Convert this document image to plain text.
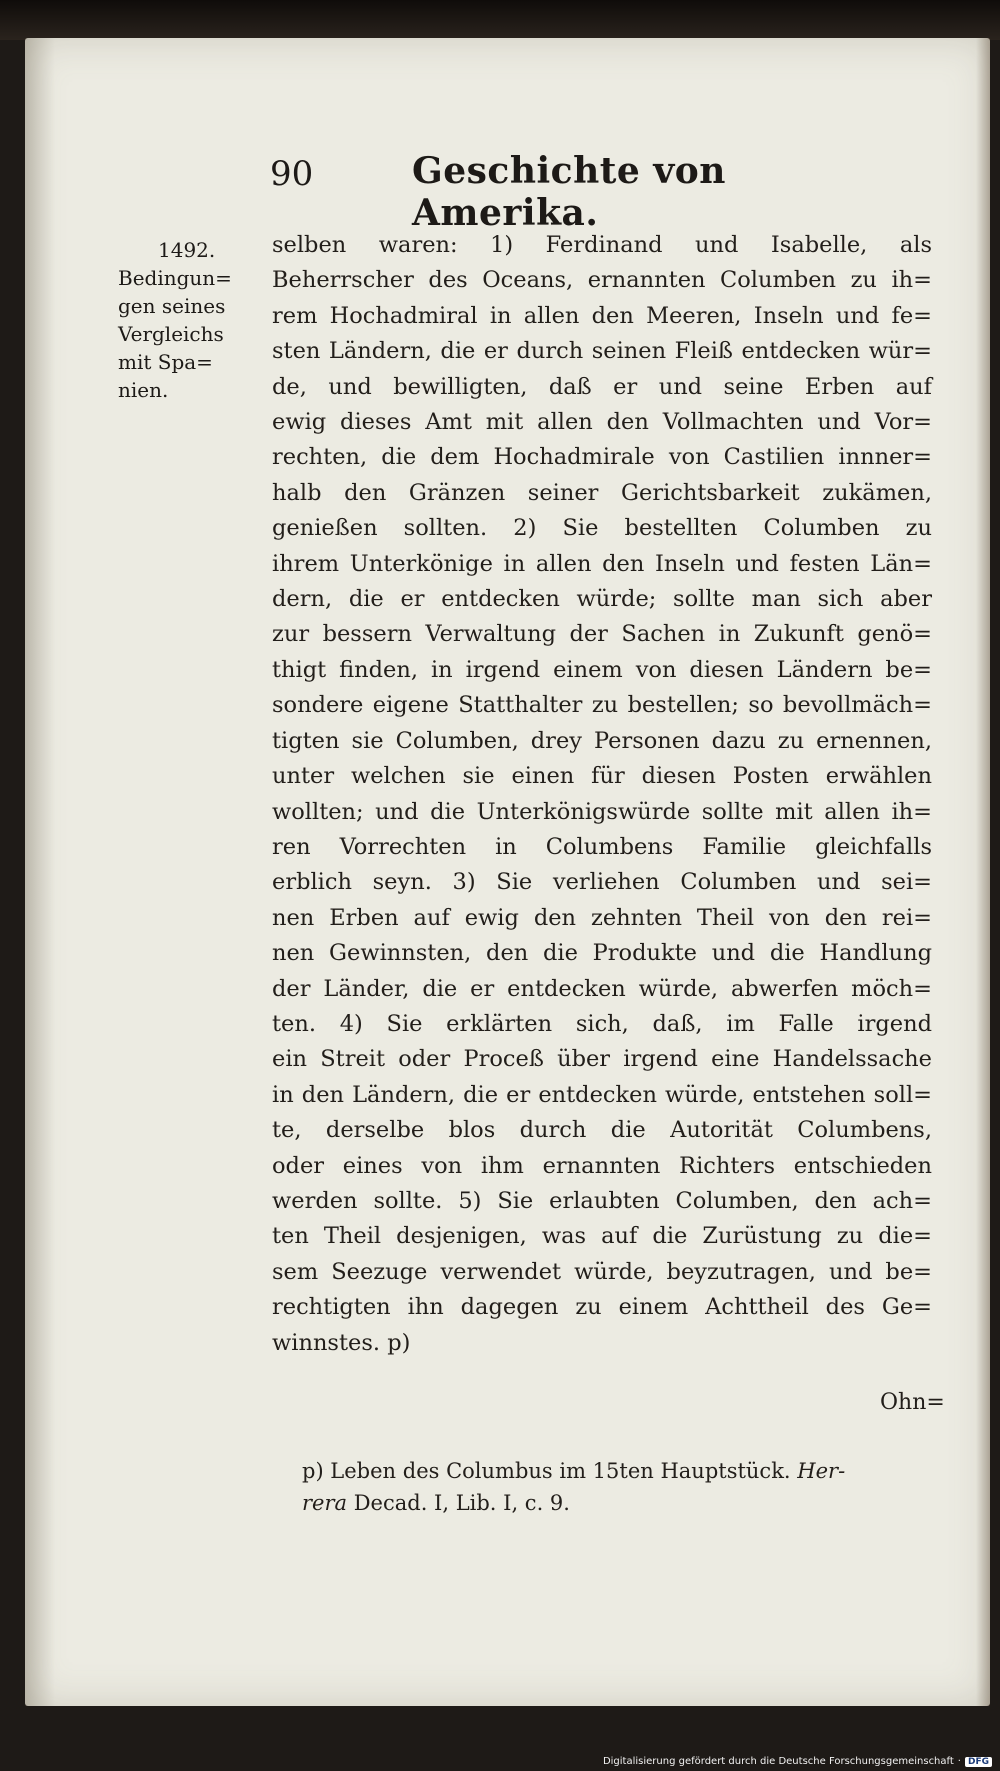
90	Geschichte von Amerika.
1492.
Bedingun=
gen seines
Vergleichs
mit Spa=
nien.
selben waren: 1) Ferdinand und Isabelle, als
Beherrscher des Oceans, ernannten Columben zu ih=
rem Hochadmiral in allen den Meeren, Inseln und fe=
sten Ländern, die er durch seinen Fleiß entdecken wür=
de, und bewilligten, daß er und seine Erben auf
ewig dieses Amt mit allen den Vollmachten und Vor=
rechten, die dem Hochadmirale von Castilien innner=
halb den Gränzen seiner Gerichtsbarkeit zukämen,
genießen sollten. 2) Sie bestellten Columben zu
ihrem Unterkönige in allen den Inseln und festen Län=
dern, die er entdecken würde; sollte man sich aber
zur bessern Verwaltung der Sachen in Zukunft genö=
thigt finden, in irgend einem von diesen Ländern be=
sondere eigene Statthalter zu bestellen; so bevollmäch=
tigten sie Columben, drey Personen dazu zu ernennen,
unter welchen sie einen für diesen Posten erwählen
wollten; und die Unterkönigswürde sollte mit allen ih=
ren Vorrechten in Columbens Familie gleichfalls
erblich seyn. 3) Sie verliehen Columben und sei=
nen Erben auf ewig den zehnten Theil von den rei=
nen Gewinnsten, den die Produkte und die Handlung
der Länder, die er entdecken würde, abwerfen möch=
ten. 4) Sie erklärten sich, daß, im Falle irgend
ein Streit oder Proceß über irgend eine Handelssache
in den Ländern, die er entdecken würde, entstehen soll=
te, derselbe blos durch die Autorität Columbens,
oder eines von ihm ernannten Richters entschieden
werden sollte. 5) Sie erlaubten Columben, den ach=
ten Theil desjenigen, was auf die Zurüstung zu die=
sem Seezuge verwendet würde, beyzutragen, und be=
rechtigten ihn dagegen zu einem Achttheil des Ge=
winnstes. p)
Ohn=
p) Leben des Columbus im 15ten Hauptstück. Her-
rera Decad. I, Lib. I, c. 9.
Digitalisierung gefördert durch die Deutsche Forschungsgemeinschaft · DFG
